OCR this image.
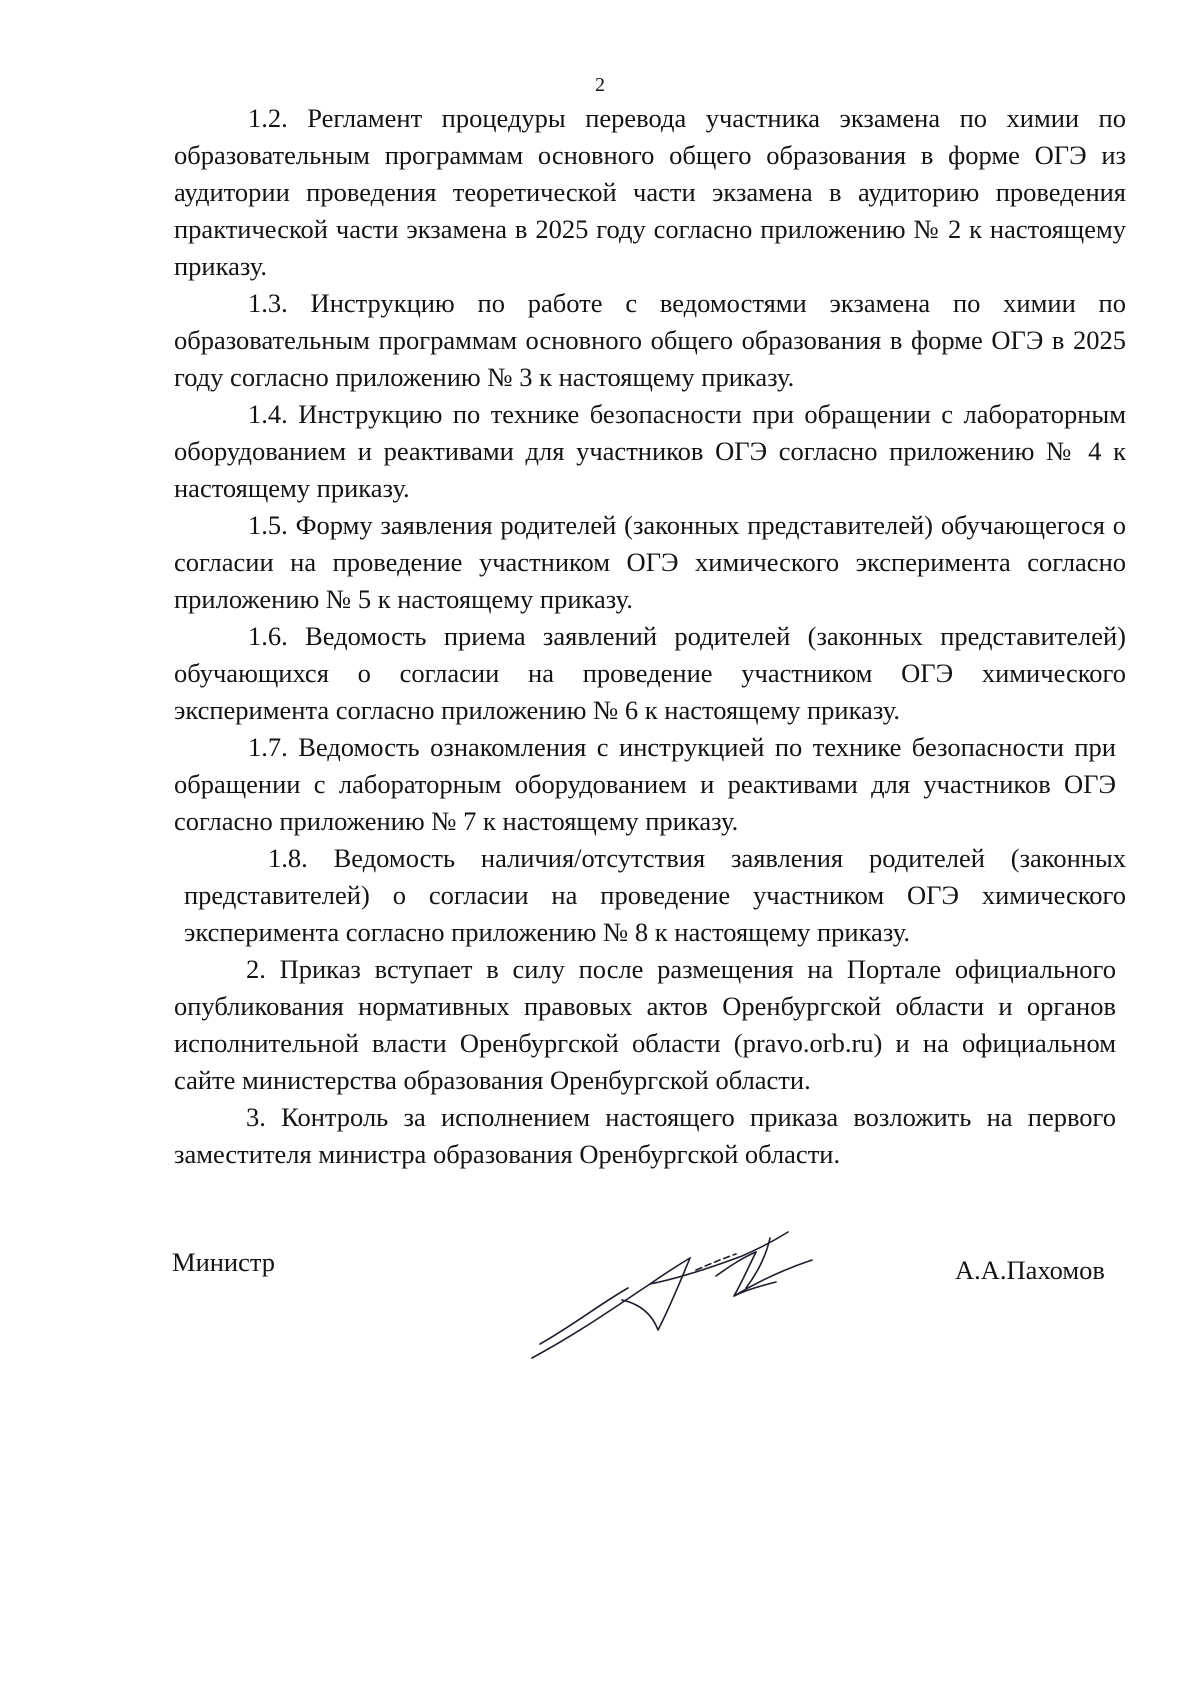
2

1.2. Регламент процедуры перевода участника экзамена по химии по образовательным программам основного общего образования в форме ОГЭ из аудитории проведения теоретической части экзамена в аудиторию проведения практической части экзамена в 2025 году согласно приложению № 2 к настоящему приказу.

1.3. Инструкцию по работе с ведомостями экзамена по химии по образовательным программам основного общего образования в форме ОГЭ в 2025 году согласно приложению № 3 к настоящему приказу.

1.4. Инструкцию по технике безопасности при обращении с лабораторным оборудованием и реактивами для участников ОГЭ согласно приложению № 4 к настоящему приказу.

1.5. Форму заявления родителей (законных представителей) обучающегося о согласии на проведение участником ОГЭ химического эксперимента согласно приложению № 5 к настоящему приказу.

1.6. Ведомость приема заявлений родителей (законных представителей) обучающихся о согласии на проведение участником ОГЭ химического эксперимента согласно приложению № 6 к настоящему приказу.

1.7. Ведомость ознакомления с инструкцией по технике безопасности при обращении с лабораторным оборудованием и реактивами для участников ОГЭ согласно приложению № 7 к настоящему приказу.

1.8. Ведомость наличия/отсутствия заявления родителей (законных представителей) о согласии на проведение участником ОГЭ химического эксперимента согласно приложению № 8 к настоящему приказу.

2. Приказ вступает в силу после размещения на Портале официального опубликования нормативных правовых актов Оренбургской области и органов исполнительной власти Оренбургской области (pravo.orb.ru) и на официальном сайте министерства образования Оренбургской области.

3. Контроль за исполнением настоящего приказа возложить на первого заместителя министра образования Оренбургской области.

Министр	А.А.Пахомов
